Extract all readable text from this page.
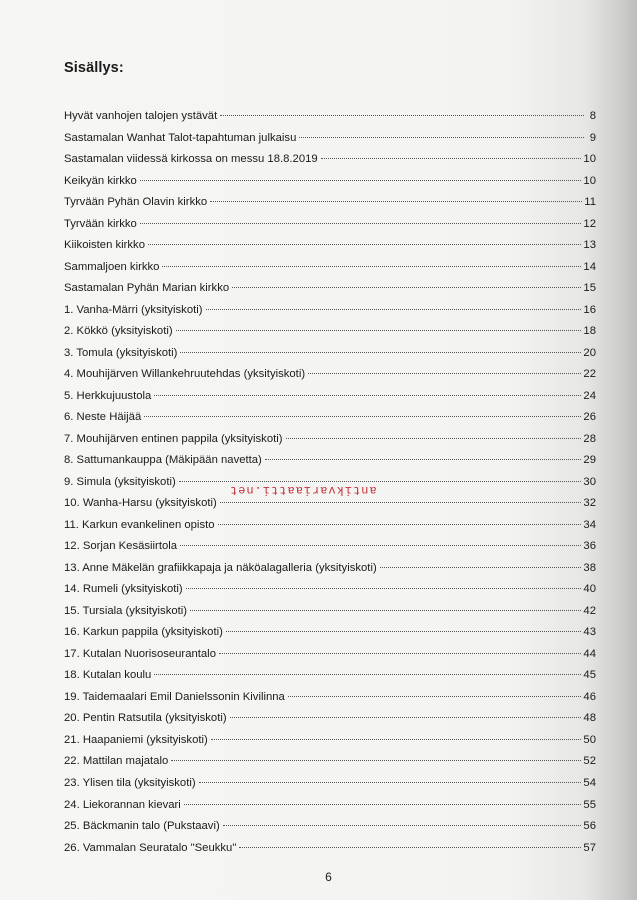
Sisällys:
Hyvät vanhojen talojen ystävät	8
Sastamalan Wanhat Talot-tapahtuman julkaisu	9
Sastamalan viidessä kirkossa on messu 18.8.2019	10
Keikyän kirkko	10
Tyrvään Pyhän Olavin kirkko	11
Tyrvään kirkko	12
Kiikoisten kirkko	13
Sammaljoen kirkko	14
Sastamalan Pyhän Marian kirkko	15
1. Vanha-Märri (yksityiskoti)	16
2. Kökkö (yksityiskoti)	18
3. Tomula (yksityiskoti)	20
4. Mouhijärven Willankehruutehdas (yksityiskoti)	22
5. Herkkujuustola	24
6. Neste Häijää	26
7. Mouhijärven entinen pappila (yksityiskoti)	28
8. Sattumankauppa (Mäkipään navetta)	29
9. Simula (yksityiskoti)	30
10. Wanha-Harsu (yksityiskoti)	32
11. Karkun evankelinen opisto	34
12. Sorjan Kesäsiirtola	36
13. Anne Mäkelän grafiikkapaja ja näköalagalleria (yksityiskoti)	38
14. Rumeli (yksityiskoti)	40
15. Tursiala (yksityiskoti)	42
16. Karkun pappila (yksityiskoti)	43
17. Kutalan Nuorisoseurantalo	44
18. Kutalan koulu	45
19. Taidemaalari Emil Danielssonin Kivilinna	46
20. Pentin Ratsutila (yksityiskoti)	48
21. Haapaniemi (yksityiskoti)	50
22. Mattilan majatalo	52
23. Ylisen tila (yksityiskoti)	54
24. Liekorannan kievari	55
25. Bäckmanin talo (Pukstaavi)	56
26. Vammalan Seuratalo "Seukku"	57
antikvariaatti.net
6
